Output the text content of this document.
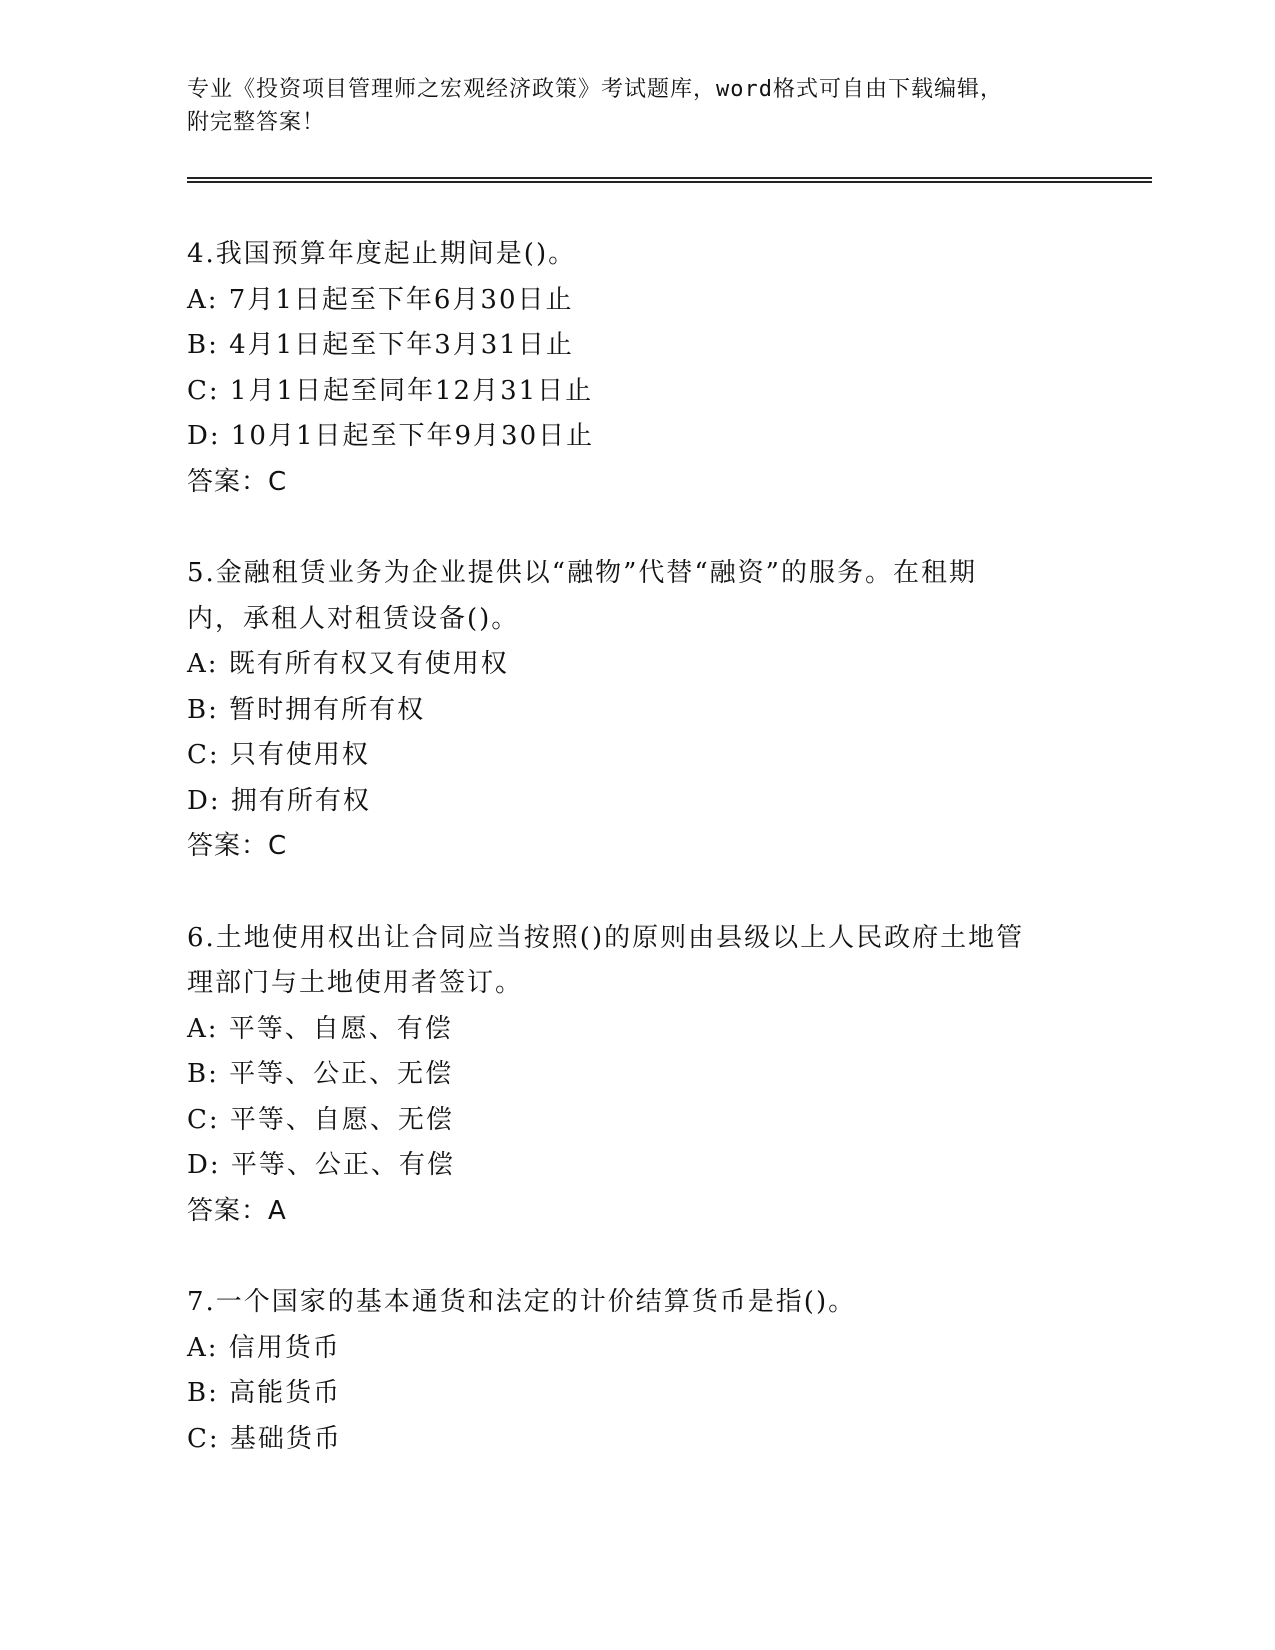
专业《投资项目管理师之宏观经济政策》考试题库，word格式可自由下载编辑，
附完整答案！
4.我国预算年度起止期间是()。
A: 7月1日起至下年6月30日止
B: 4月1日起至下年3月31日止
C: 1月1日起至同年12月31日止
D: 10月1日起至下年9月30日止
答案：C
5.金融租赁业务为企业提供以“融物”代替“融资”的服务。在租期
内，承租人对租赁设备()。
A: 既有所有权又有使用权
B: 暂时拥有所有权
C: 只有使用权
D: 拥有所有权
答案：C
6.土地使用权出让合同应当按照()的原则由县级以上人民政府土地管
理部门与土地使用者签订。
A: 平等、自愿、有偿
B: 平等、公正、无偿
C: 平等、自愿、无偿
D: 平等、公正、有偿
答案：A
7.一个国家的基本通货和法定的计价结算货币是指()。
A: 信用货币
B: 高能货币
C: 基础货币
